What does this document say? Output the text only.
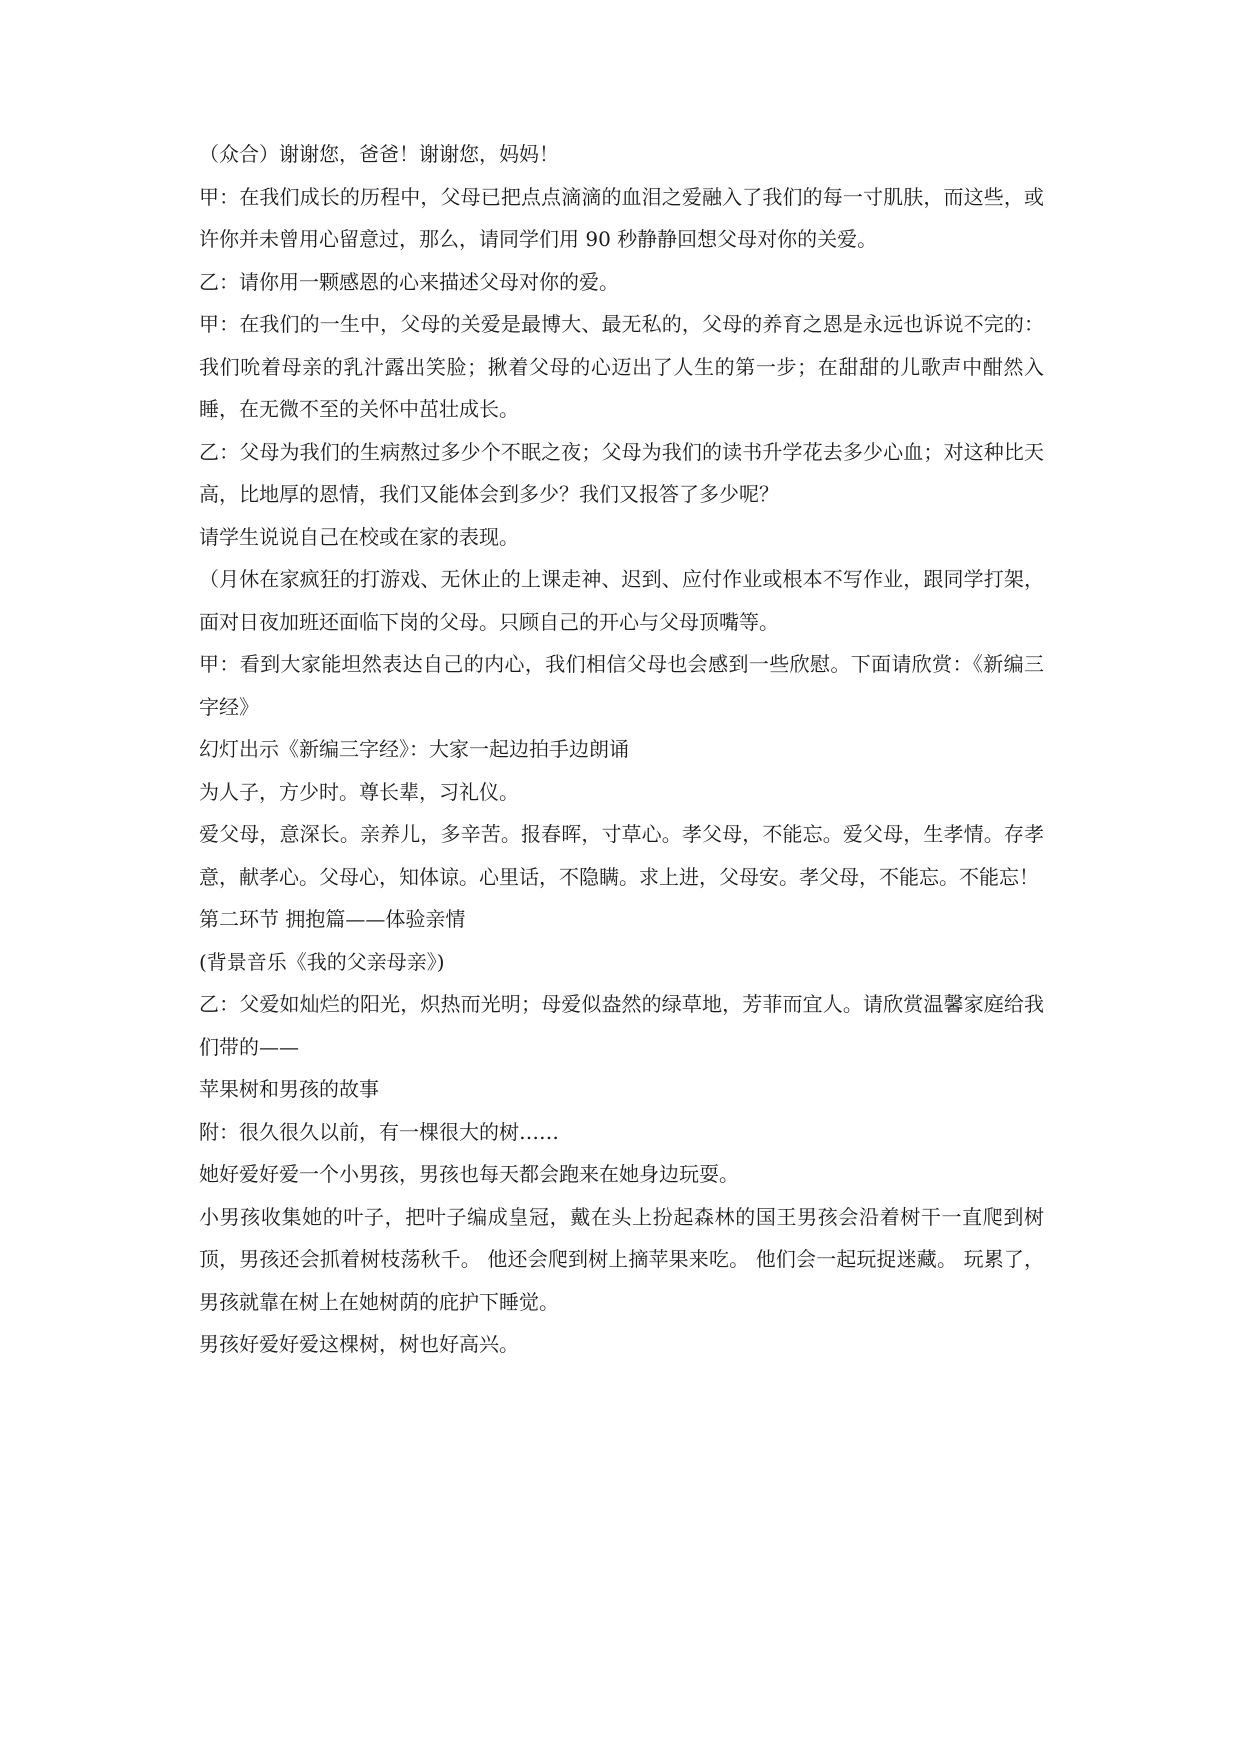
（众合）谢谢您，爸爸！谢谢您，妈妈！

甲：在我们成长的历程中，父母已把点点滴滴的血泪之爱融入了我们的每一寸肌肤，而这些，或许你并未曾用心留意过，那么，请同学们用 90 秒静静回想父母对你的关爱。

乙：请你用一颗感恩的心来描述父母对你的爱。

甲：在我们的一生中，父母的关爱是最博大、最无私的，父母的养育之恩是永远也诉说不完的：我们吮着母亲的乳汁露出笑脸；揪着父母的心迈出了人生的第一步；在甜甜的儿歌声中酣然入睡，在无微不至的关怀中茁壮成长。

乙：父母为我们的生病熬过多少个不眠之夜；父母为我们的读书升学花去多少心血；对这种比天高，比地厚的恩情，我们又能体会到多少？我们又报答了多少呢？

请学生说说自己在校或在家的表现。

（月休在家疯狂的打游戏、无休止的上课走神、迟到、应付作业或根本不写作业，跟同学打架，面对日夜加班还面临下岗的父母。只顾自己的开心与父母顶嘴等。

甲：看到大家能坦然表达自己的内心，我们相信父母也会感到一些欣慰。下面请欣赏：《新编三字经》

幻灯出示《新编三字经》：大家一起边拍手边朗诵

为人子，方少时。尊长辈，习礼仪。

爱父母，意深长。亲养儿，多辛苦。报春晖，寸草心。孝父母，不能忘。爱父母，生孝情。存孝意，献孝心。父母心，知体谅。心里话，不隐瞒。求上进，父母安。孝父母，不能忘。不能忘！

第二环节 拥抱篇——体验亲情

(背景音乐《我的父亲母亲》)

乙：父爱如灿烂的阳光，炽热而光明；母爱似盎然的绿草地，芳菲而宜人。请欣赏温馨家庭给我们带的——

苹果树和男孩的故事

附：很久很久以前，有一棵很大的树……

她好爱好爱一个小男孩，男孩也每天都会跑来在她身边玩耍。

小男孩收集她的叶子，把叶子编成皇冠，戴在头上扮起森林的国王男孩会沿着树干一直爬到树顶，男孩还会抓着树枝荡秋千。 他还会爬到树上摘苹果来吃。 他们会一起玩捉迷藏。 玩累了，男孩就靠在树上在她树荫的庇护下睡觉。

男孩好爱好爱这棵树，树也好高兴。
